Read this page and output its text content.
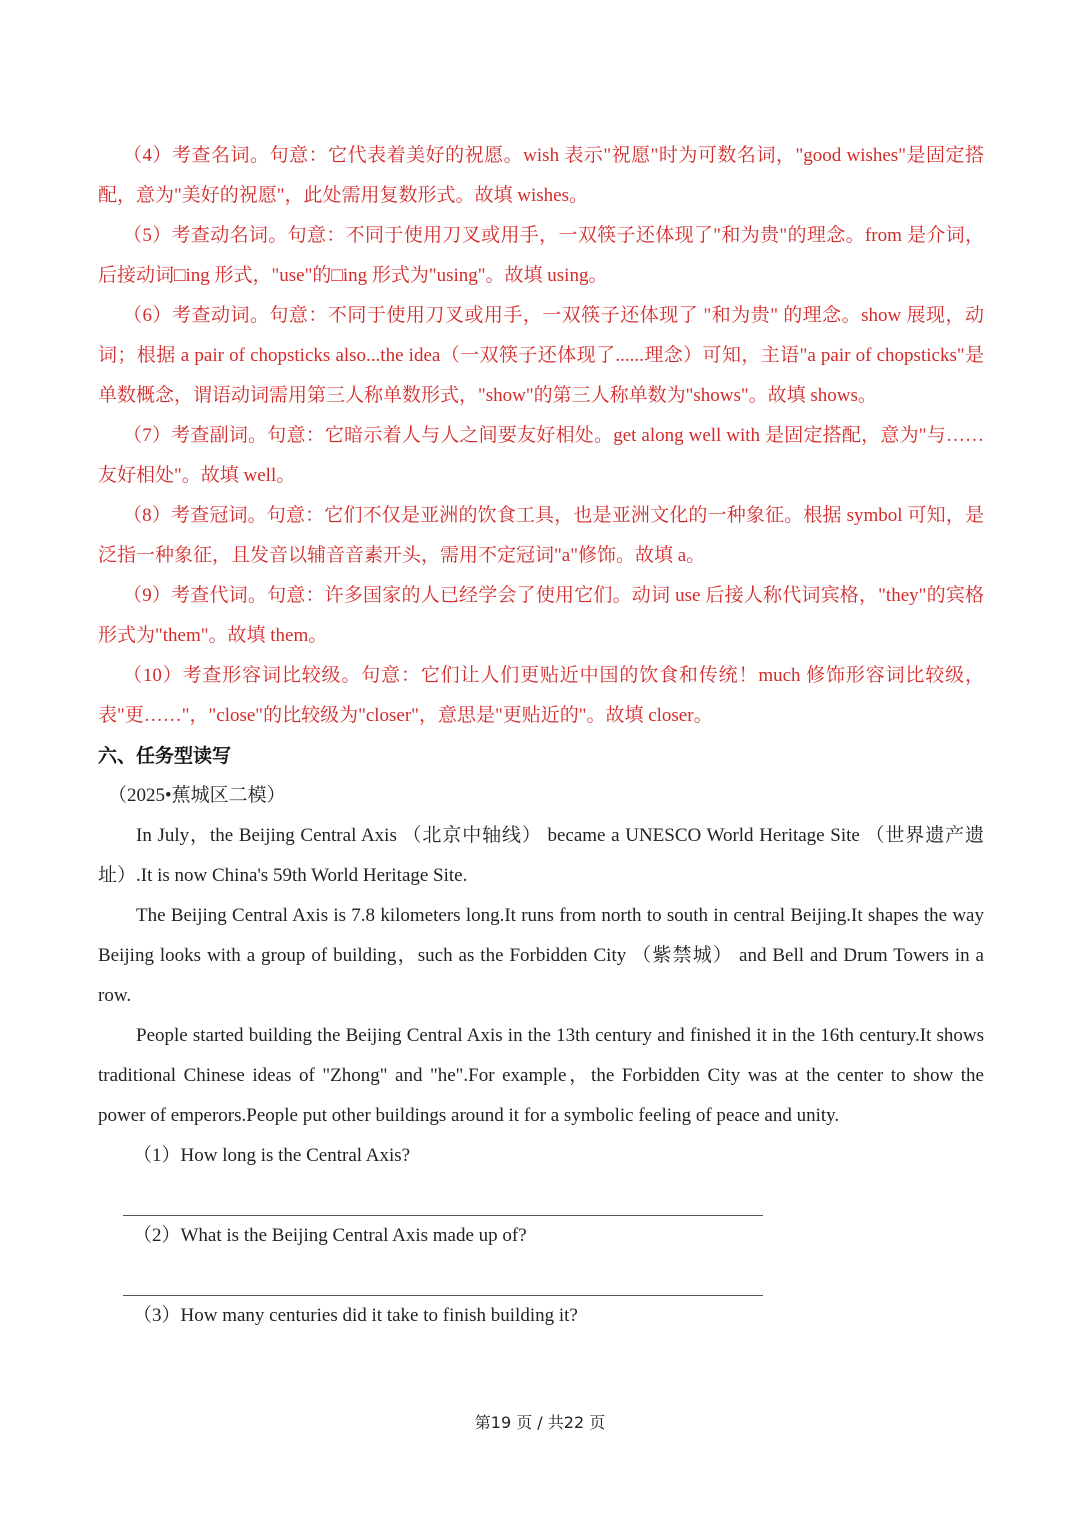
（4）考查名词。句意：它代表着美好的祝愿。wish 表示"祝愿"时为可数名词，"good wishes"是固定搭配，意为"美好的祝愿"，此处需用复数形式。故填 wishes。

（5）考查动名词。句意：不同于使用刀叉或用手，一双筷子还体现了"和为贵"的理念。from 是介词，后接动词□ing 形式，"use"的□ing 形式为"using"。故填 using。

（6）考查动词。句意：不同于使用刀叉或用手，一双筷子还体现了 "和为贵" 的理念。show 展现，动词；根据 a pair of chopsticks also...the idea（一双筷子还体现了......理念）可知，主语"a pair of chopsticks"是单数概念，谓语动词需用第三人称单数形式，"show"的第三人称单数为"shows"。故填 shows。

（7）考查副词。句意：它暗示着人与人之间要友好相处。get along well with 是固定搭配，意为"与……友好相处"。故填 well。

（8）考查冠词。句意：它们不仅是亚洲的饮食工具，也是亚洲文化的一种象征。根据 symbol 可知，是泛指一种象征，且发音以辅音音素开头，需用不定冠词"a"修饰。故填 a。

（9）考查代词。句意：许多国家的人已经学会了使用它们。动词 use 后接人称代词宾格，"they"的宾格形式为"them"。故填 them。

（10）考查形容词比较级。句意：它们让人们更贴近中国的饮食和传统！much 修饰形容词比较级，表"更……"，"close"的比较级为"closer"，意思是"更贴近的"。故填 closer。

六、任务型读写

（2025•蕉城区二模）

In July，the Beijing Central Axis （北京中轴线） became a UNESCO World Heritage Site （世界遗产遗址）.It is now China's 59th World Heritage Site.

The Beijing Central Axis is 7.8 kilometers long.It runs from north to south in central Beijing.It shapes the way Beijing looks with a group of building，such as the Forbidden City （紫禁城） and Bell and Drum Towers in a row.

People started building the Beijing Central Axis in the 13th century and finished it in the 16th century.It shows traditional Chinese ideas of "Zhong" and "he".For example，the Forbidden City was at the center to show the power of emperors.People put other buildings around it for a symbolic feeling of peace and unity.

（1）How long is the Central Axis?

（2）What is the Beijing Central Axis made up of?

（3）How many centuries did it take to finish building it?

第19 页 / 共22 页
